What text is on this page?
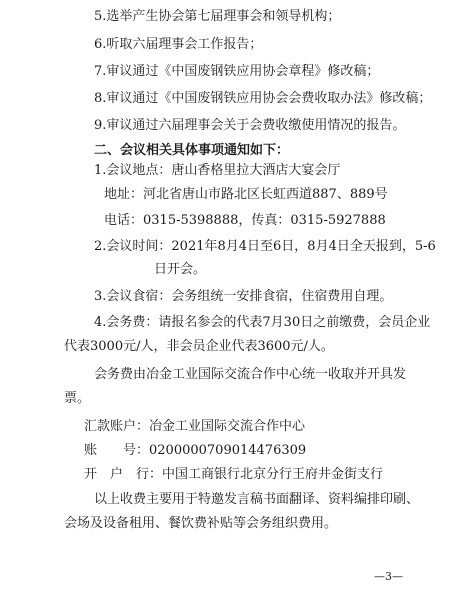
5.选举产生协会第七届理事会和领导机构；
6.听取六届理事会工作报告；
7.审议通过《中国废钢铁应用协会章程》修改稿；
8.审议通过《中国废钢铁应用协会会费收取办法》修改稿；
9.审议通过六届理事会关于会费收缴使用情况的报告。
二、会议相关具体事项通知如下：
1.会议地点：唐山香格里拉大酒店大宴会厅
地址：河北省唐山市路北区长虹西道887、889号
电话：0315-5398888，传真：0315-5927888
2.会议时间：2021年8月4日至6日，8月4日全天报到，5-6
日开会。
3.会议食宿：会务组统一安排食宿，住宿费用自理。
4.会务费：请报名参会的代表7月30日之前缴费，会员企业
代表3000元/人，非会员企业代表3600元/人。
会务费由冶金工业国际交流合作中心统一收取并开具发
票。
汇款账户：冶金工业国际交流合作中心
账　　号：0200000709014476309
开　户　行：中国工商银行北京分行王府井金街支行
以上收费主要用于特邀发言稿书面翻译、资料编排印刷、
会场及设备租用、餐饮费补贴等会务组织费用。
—3—
